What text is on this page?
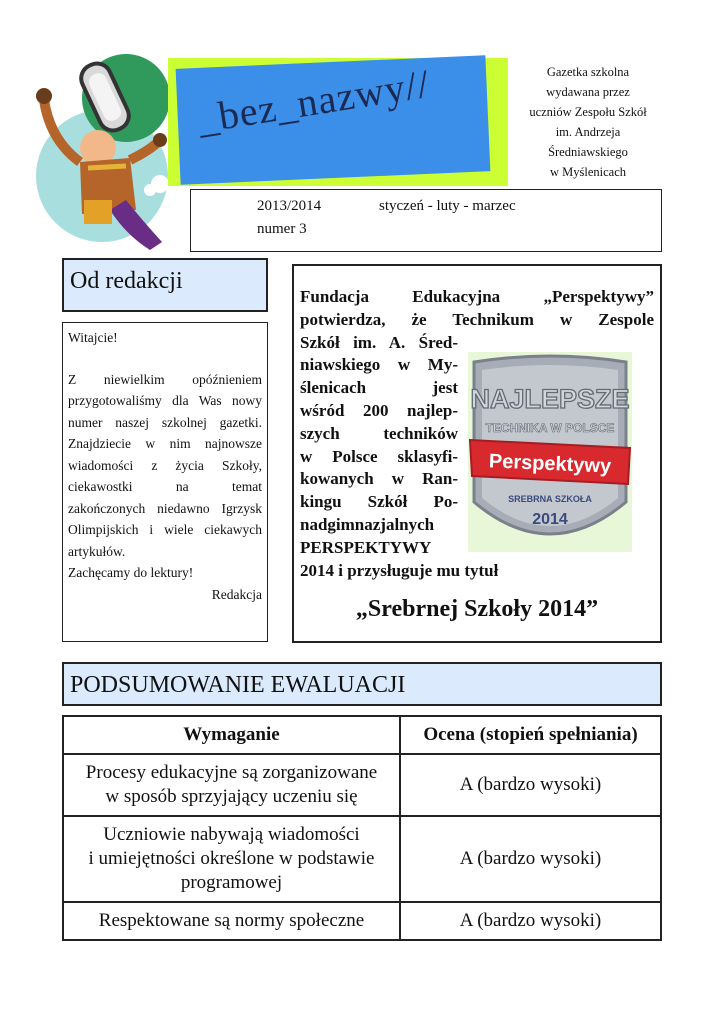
_bez_nazwy//	Gazetka szkolna
wydawana przez
uczniów Zespołu Szkół
im. Andrzeja
Średniawskiego
w Myślenicach
2013/2014	styczeń - luty - marzec
numer 3
Od redakcji

Witajcie!

Z niewielkim opóźnieniem przygotowaliśmy dla Was nowy numer naszej szkolnej gazetki. Znajdziecie w nim najnowsze wiadomości z życia Szkoły, ciekawostki na temat zakończonych niedawno Igrzysk Olimpijskich i wiele ciekawych artykułów.

Zachęcamy do lektury!

Redakcja

Fundacja Edukacyjna „Perspektywy”
potwierdza, że Technikum w Zespole
Szkół im. A. Śred-
niawskiego w My-
ślenicach jest
wśród 200 najlep-
szych techników
w Polsce sklasyfi-
kowanych w Ran-
kingu Szkół Po-
nadgimnazjalnych
PERSPEKTYWY
2014 i przysługuje mu tytuł
NAJLEPSZE
TECHNIKA W POLSCE
Perspektywy
SREBRNA SZKOŁA
2014
„Srebrnej Szkoły 2014”
PODSUMOWANIE EWALUACJI
Wymaganie	Ocena (stopień spełniania)

Procesy edukacyjne są zorganizowane
w sposób sprzyjający uczeniu się	A (bardzo wysoki)

Uczniowie nabywają wiadomości
i umiejętności określone w podstawie
programowej	A (bardzo wysoki)

Respektowane są normy społeczne	A (bardzo wysoki)
